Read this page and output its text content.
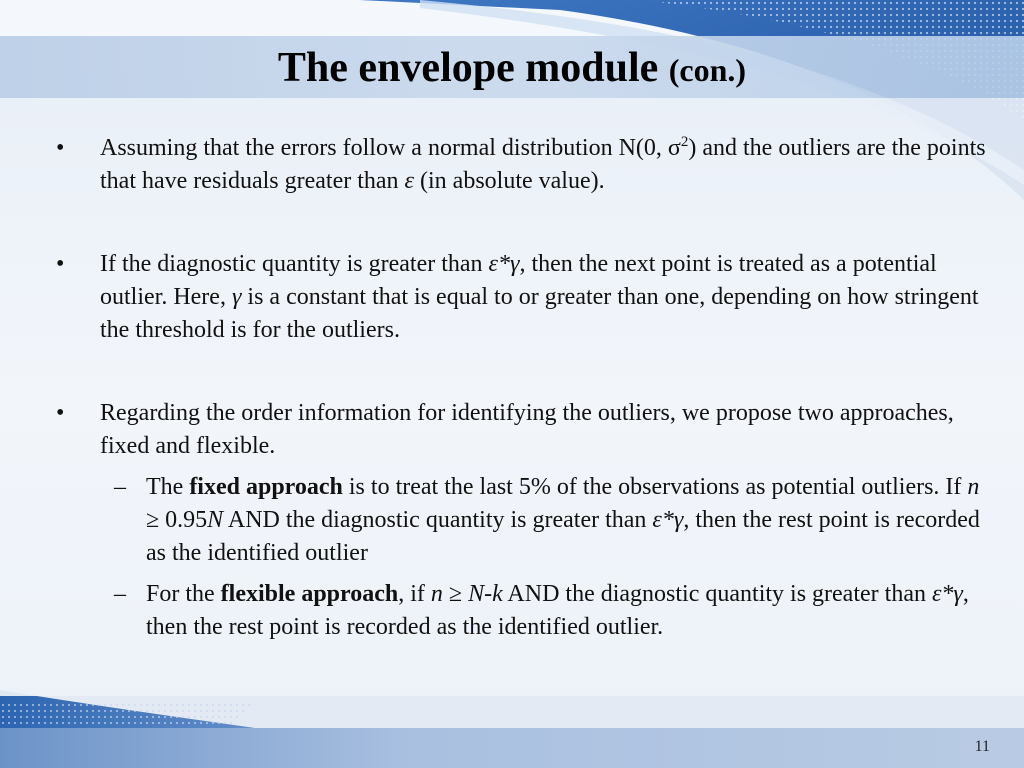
The envelope module (con.)
•	Assuming that the errors follow a normal distribution N(0, $\sigma^2$) and the outliers are the points that have residuals greater than ε (in absolute value).
•	If the diagnostic quantity is greater than ε*γ, then the next point is treated as a potential outlier. Here, γ is a constant that is equal to or greater than one, depending on how stringent the threshold is for the outliers.
•	Regarding the order information for identifying the outliers, we propose two approaches, fixed and flexible.
– The fixed approach is to treat the last 5% of the observations as potential outliers. If n ≥ 0.95N AND the diagnostic quantity is greater than ε*γ, then the rest point is recorded as the identified outlier
– For the flexible approach, if n ≥ N-k AND the diagnostic quantity is greater than ε*γ, then the rest point is recorded as the identified outlier.
11
